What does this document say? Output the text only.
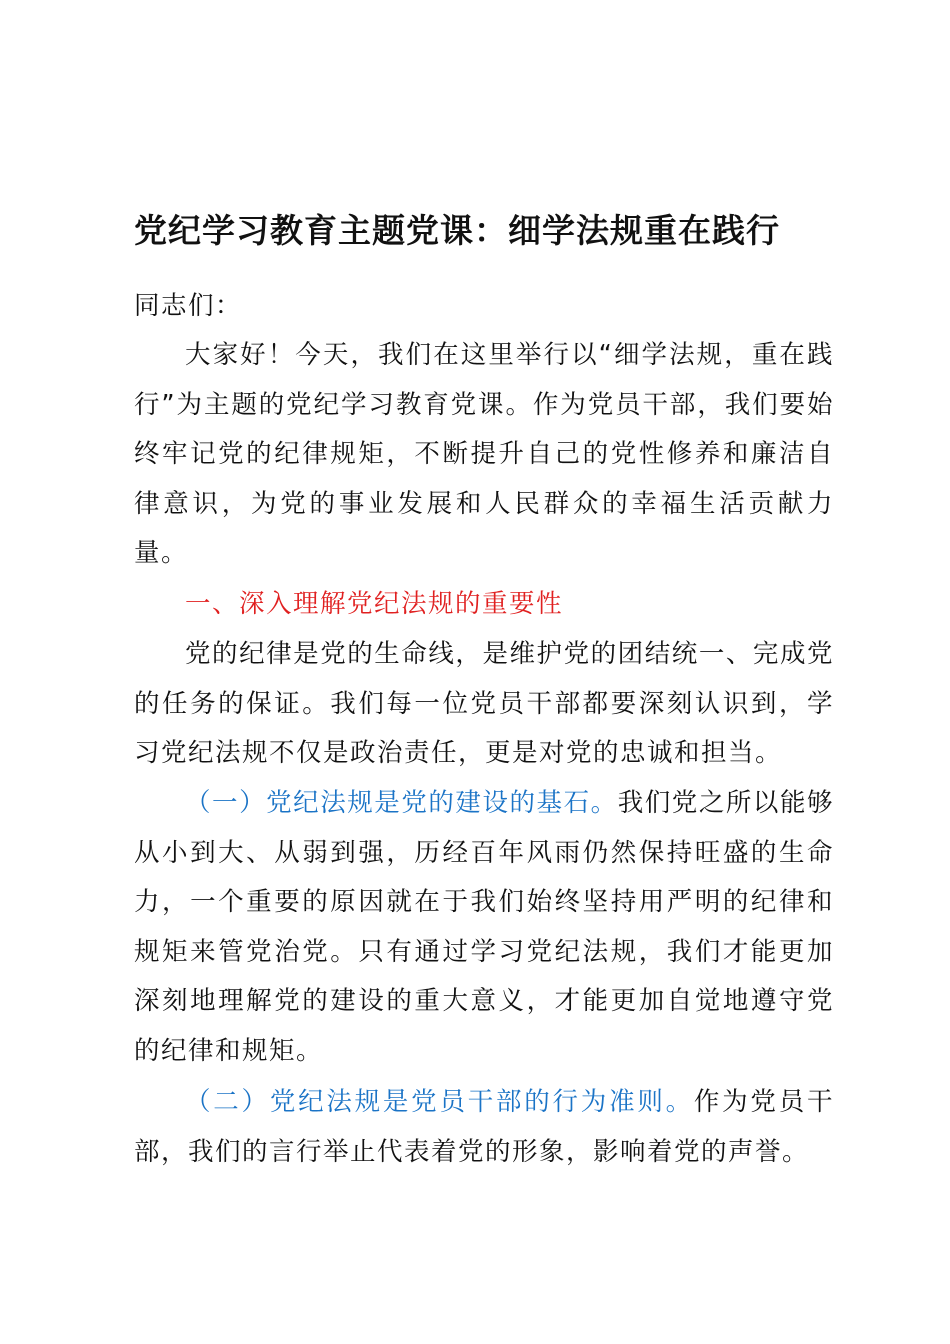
党纪学习教育主题党课：细学法规重在践行

同志们：

大家好！今天，我们在这里举行以“细学法规，重在践行”为主题的党纪学习教育党课。作为党员干部，我们要始终牢记党的纪律规矩，不断提升自己的党性修养和廉洁自律意识，为党的事业发展和人民群众的幸福生活贡献力量。

一、深入理解党纪法规的重要性

党的纪律是党的生命线，是维护党的团结统一、完成党的任务的保证。我们每一位党员干部都要深刻认识到，学习党纪法规不仅是政治责任，更是对党的忠诚和担当。

（一）党纪法规是党的建设的基石。我们党之所以能够从小到大、从弱到强，历经百年风雨仍然保持旺盛的生命力，一个重要的原因就在于我们始终坚持用严明的纪律和规矩来管党治党。只有通过学习党纪法规，我们才能更加深刻地理解党的建设的重大意义，才能更加自觉地遵守党的纪律和规矩。

（二）党纪法规是党员干部的行为准则。作为党员干部，我们的言行举止代表着党的形象，影响着党的声誉。
